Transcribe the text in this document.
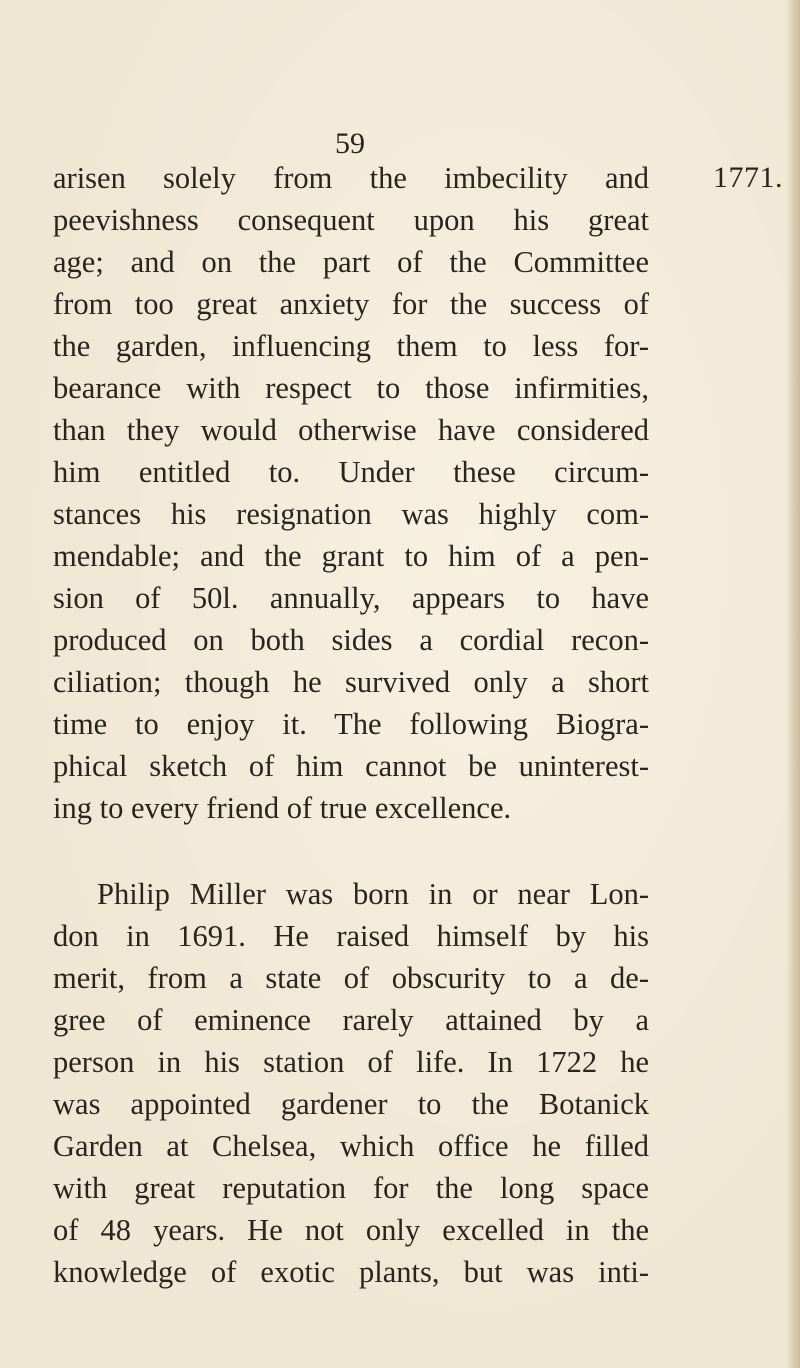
59
1771.
arisen solely from the imbecility and
peevishness consequent upon his great
age; and on the part of the Committee
from too great anxiety for the success of
the garden, influencing them to less for-
bearance with respect to those infirmities,
than they would otherwise have considered
him entitled to. Under these circum-
stances his resignation was highly com-
mendable; and the grant to him of a pen-
sion of 50l. annually, appears to have
produced on both sides a cordial recon-
ciliation; though he survived only a short
time to enjoy it. The following Biogra-
phical sketch of him cannot be uninterest-
ing to every friend of true excellence.
Philip Miller was born in or near Lon-
don in 1691. He raised himself by his
merit, from a state of obscurity to a de-
gree of eminence rarely attained by a
person in his station of life. In 1722 he
was appointed gardener to the Botanick
Garden at Chelsea, which office he filled
with great reputation for the long space
of 48 years. He not only excelled in the
knowledge of exotic plants, but was inti-
